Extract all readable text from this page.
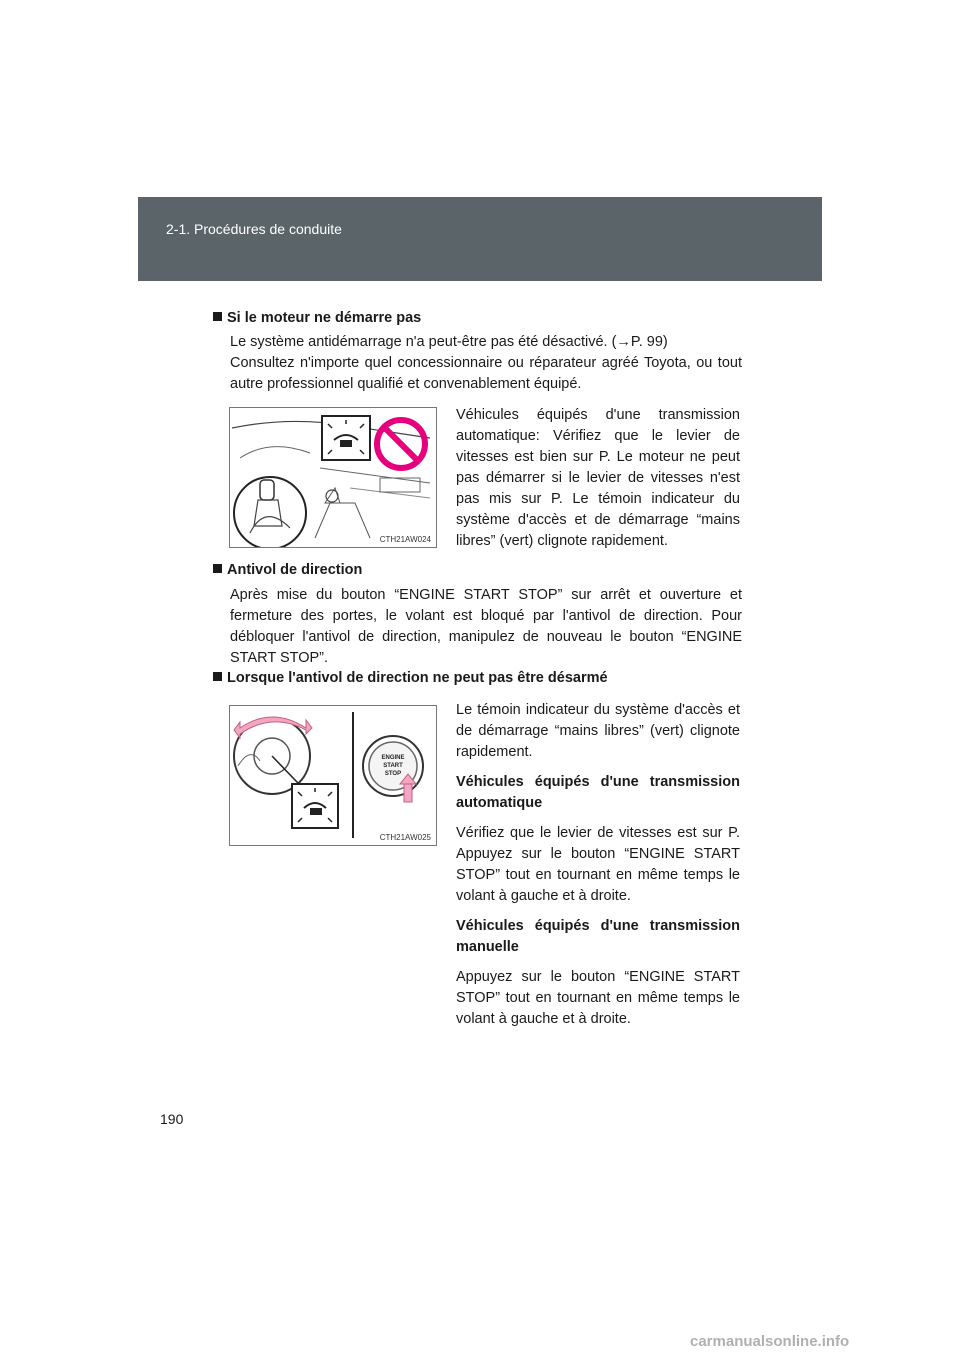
2-1. Procédures de conduite
Si le moteur ne démarre pas

Le système antidémarrage n'a peut-être pas été désactivé. (→P. 99)

Consultez n'importe quel concessionnaire ou réparateur agréé Toyota, ou tout autre professionnel qualifié et convenablement équipé.

CTH21AW024
Véhicules équipés d'une transmission automatique: Vérifiez que le levier de vitesses est bien sur P. Le moteur ne peut pas démarrer si le levier de vitesses n'est pas mis sur P. Le témoin indicateur du système d'accès et de démarrage “mains libres” (vert) clignote rapidement.
Antivol de direction
Après mise du bouton “ENGINE START STOP” sur arrêt et ouverture et fermeture des portes, le volant est bloqué par l'antivol de direction. Pour débloquer l'antivol de direction, manipulez de nouveau le bouton “ENGINE START STOP”.
Lorsque l'antivol de direction ne peut pas être désarmé
ENGINE
START
STOP
CTH21AW025

Le témoin indicateur du système d'accès et de démarrage “mains libres” (vert) clignote rapidement.

Véhicules équipés d'une transmission automatique

Vérifiez que le levier de vitesses est sur P. Appuyez sur le bouton “ENGINE START STOP” tout en tournant en même temps le volant à gauche et à droite.

Véhicules équipés d'une transmission manuelle

Appuyez sur le bouton “ENGINE START STOP” tout en tournant en même temps le volant à gauche et à droite.

190
carmanualsonline.info
